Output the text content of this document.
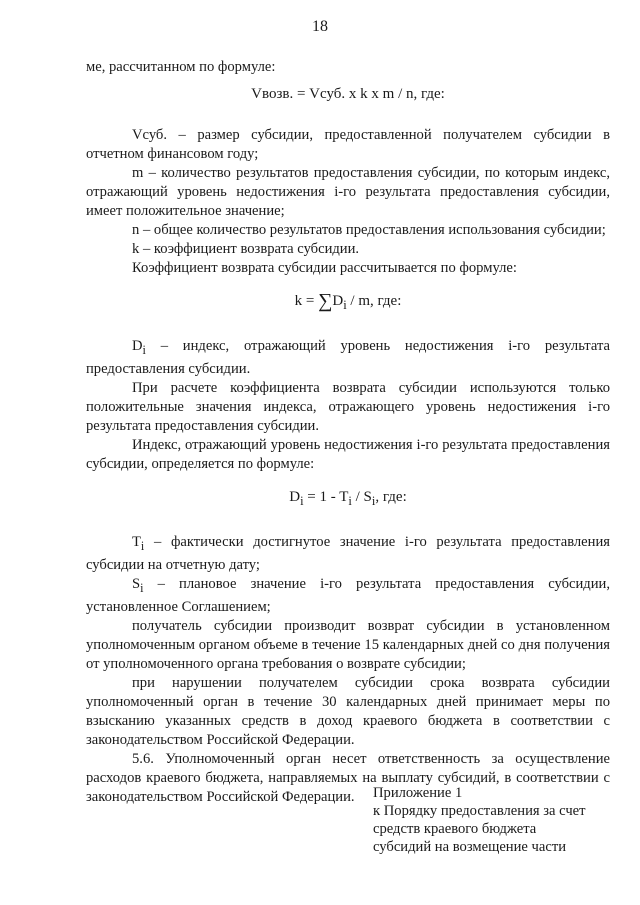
18

ме, рассчитанном по формуле:

Vвозв. = Vсуб. x k x m / n, где:

Vсуб. – размер субсидии, предоставленной получателем субсидии в отчетном финансовом году;

m – количество результатов предоставления субсидии, по которым индекс, отражающий уровень недостижения i-го результата предоставления субсидии, имеет положительное значение;

n – общее количество результатов предоставления использования субсидии;

k – коэффициент возврата субсидии.

Коэффициент возврата субсидии рассчитывается по формуле:

$k = \sum D_i / m$, где:

$D_i$ – индекс, отражающий уровень недостижения i-го результата предоставления субсидии.

При расчете коэффициента возврата субсидии используются только положительные значения индекса, отражающего уровень недостижения i-го результата предоставления субсидии.

Индекс, отражающий уровень недостижения i-го результата предоставления субсидии, определяется по формуле:

$D_i = 1 - T_i / S_i$, где:

$T_i$ – фактически достигнутое значение i-го результата предоставления субсидии на отчетную дату;

$S_i$ – плановое значение i-го результата предоставления субсидии, установленное Соглашением;

получатель субсидии производит возврат субсидии в установленном уполномоченным органом объеме в течение 15 календарных дней со дня получения от уполномоченного органа требования о возврате субсидии;

при нарушении получателем субсидии срока возврата субсидии уполномоченный орган в течение 30 календарных дней принимает меры по взысканию указанных средств в доход краевого бюджета в соответствии с законодательством Российской Федерации.

5.6. Уполномоченный орган несет ответственность за осуществление расходов краевого бюджета, направляемых на выплату субсидий, в соответствии с законодательством Российской Федерации.	Приложение 1
к Порядку предоставления за счет
средств краевого бюджета
субсидий на возмещение части
